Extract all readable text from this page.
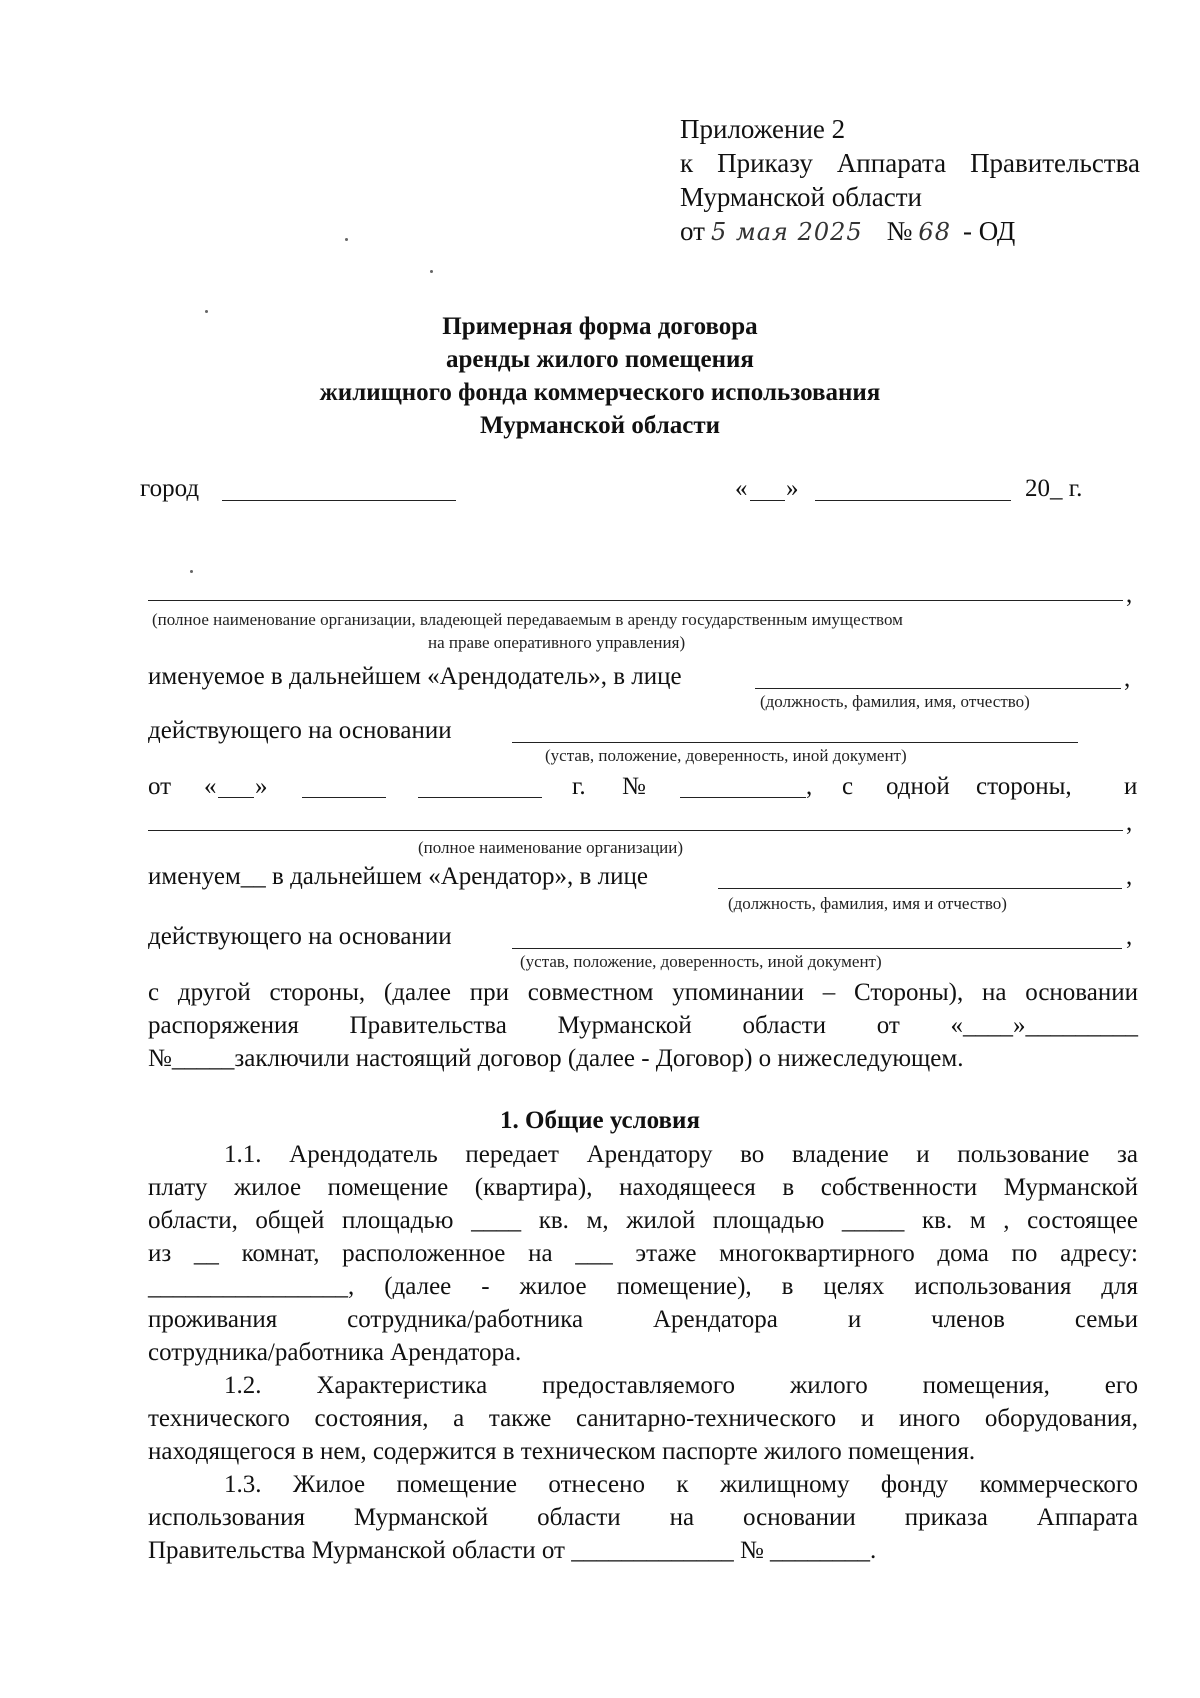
Приложение 2
к Приказу Аппарата Правительства
Мурманской области
от 5 мая 2025 № 68 - ОД
Примерная форма договора
аренды жилого помещения
жилищного фонда коммерческого использования
Мурманской области
город	« »	20_ г.
,
(полное наименование организации, владеющей передаваемым в аренду государственным имуществом
на праве оперативного управления)
именуемое в дальнейшем «Арендодатель», в лице	,
(должность, фамилия, имя, отчество)
действующего на основании
(устав, положение, доверенность, иной документ)
от « »	г. №	, с одной стороны, и
,
(полное наименование организации)
именуем__ в дальнейшем «Арендатор», в лице	,
(должность, фамилия, имя и отчество)
действующего на основании	,
(устав, положение, доверенность, иной документ)
с другой стороны, (далее при совместном упоминании – Стороны), на основании
распоряжения Правительства Мурманской области от «____»_________
№_____заключили настоящий договор (далее - Договор) о нижеследующем.
1. Общие условия
1.1. Арендодатель передает Арендатору во владение и пользование за
плату жилое помещение (квартира), находящееся в собственности Мурманской
области, общей площадью ____ кв. м, жилой площадью _____ кв. м , состоящее
из __ комнат, расположенное на ___ этаже многоквартирного дома по адресу:
________________, (далее - жилое помещение), в целях использования для
проживания сотрудника/работника Арендатора и членов семьи
сотрудника/работника Арендатора.
1.2. Характеристика предоставляемого жилого помещения, его
технического состояния, а также санитарно-технического и иного оборудования,
находящегося в нем, содержится в техническом паспорте жилого помещения.
1.3. Жилое помещение отнесено к жилищному фонду коммерческого
использования Мурманской области на основании приказа Аппарата
Правительства Мурманской области от _____________ № ________.
